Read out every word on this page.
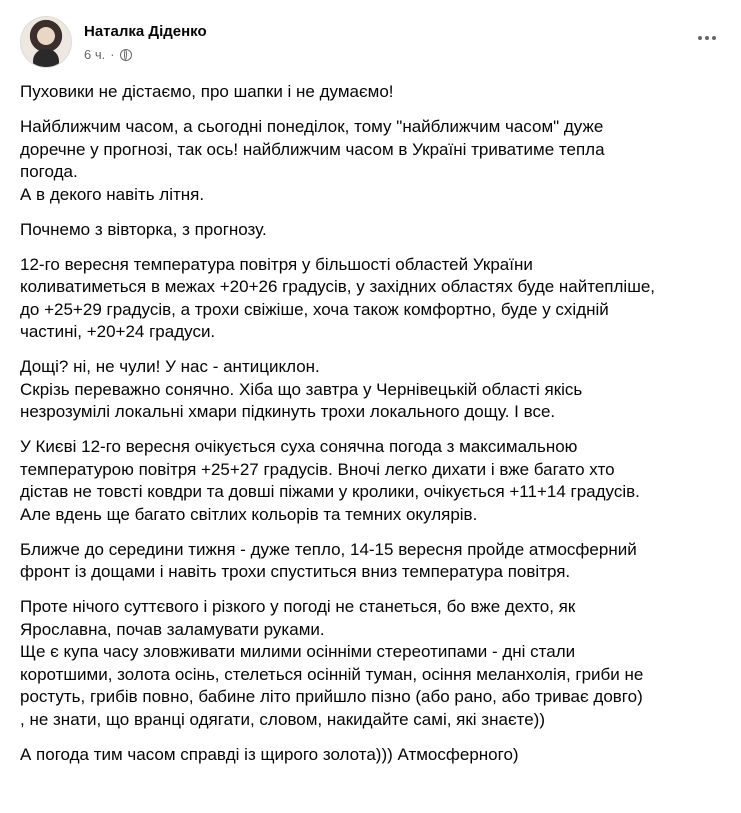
Наталка Діденко
6 ч. ·

Пуховики не дістаємо, про шапки і не думаємо!

Найближчим часом, а сьогодні понеділок, тому "найближчим часом" дуже
доречне у прогнозі, так ось! найближчим часом в Україні триватиме тепла
погода.
А в декого навіть літня.

Почнемо з вівторка, з прогнозу.

12-го вересня температура повітря у більшості областей України
коливатиметься в межах +20+26 градусів, у західних областях буде найтепліше,
до +25+29 градусів, а трохи свіжіше, хоча також комфортно, буде у східній
частині, +20+24 градуси.

Дощі? ні, не чули! У нас - антициклон.
Скрізь переважно сонячно. Хіба що завтра у Чернівецькій області якісь
незрозумілі локальні хмари підкинуть трохи локального дощу. І все.

У Києві 12-го вересня очікується суха сонячна погода з максимальною
температурою повітря +25+27 градусів. Вночі легко дихати і вже багато хто
дістав не товсті ковдри та довші піжами у кролики, очікується +11+14 градусів.
Але вдень ще багато світлих кольорів та темних окулярів.

Ближче до середини тижня - дуже тепло, 14-15 вересня пройде атмосферний
фронт із дощами і навіть трохи спуститься вниз температура повітря.

Проте нічого суттєвого і різкого у погоді не станеться, бо вже дехто, як
Ярославна, почав заламувати руками.
Ще є купа часу зловживати милими осінніми стереотипами - дні стали
коротшими, золота осінь, стелеться осінній туман, осіння меланхолія, гриби не
ростуть, грибів повно, бабине літо прийшло пізно (або рано, або триває довго)
, не знати, що вранці одягати, словом, накидайте самі, які знаєте))

А погода тим часом справді із щирого золота))) Атмосферного)
